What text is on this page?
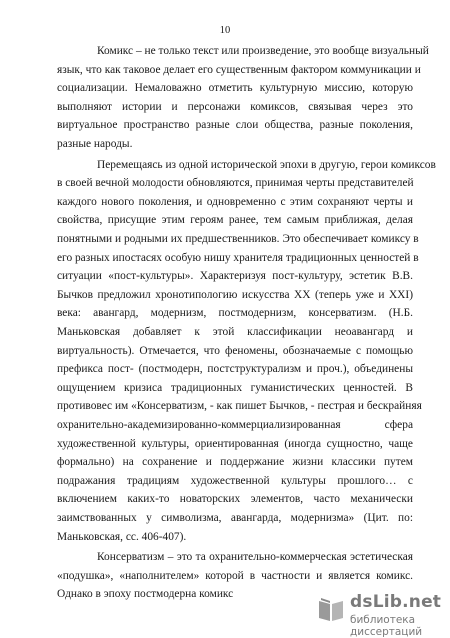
10
Комикс – не только текст или произведение, это вообще визуальный
язык, что как таковое делает его существенным фактором коммуникации и
социализации. Немаловажно отметить культурную миссию, которую
выполняют истории и персонажи комиксов, связывая через это
виртуальное пространство разные слои общества, разные поколения,
разные народы.
Перемещаясь из одной исторической эпохи в другую, герои комиксов
в своей вечной молодости обновляются, принимая черты представителей
каждого нового поколения, и одновременно с этим сохраняют черты и
свойства, присущие этим героям ранее, тем самым приближая, делая
понятными и родными их предшественников. Это обеспечивает комиксу в
его разных ипостасях особую нишу хранителя традиционных ценностей в
ситуации «пост-культуры». Характеризуя пост-культуру, эстетик В.В.
Бычков предложил хронотипологию искусства ХХ (теперь уже и XXI)
века: авангард, модернизм, постмодернизм, консерватизм. (Н.Б.
Маньковская добавляет к этой классификации неоавангард и
виртуальность). Отмечается, что феномены, обозначаемые с помощью
префикса пост- (постмодерн, постструктурализм и проч.), объединены
ощущением кризиса традиционных гуманистических ценностей. В
противовес им «Консерватизм, - как пишет Бычков, - пестрая и бескрайняя
охранительно-академизированно-коммерциализированная сфера
художественной культуры, ориентированная (иногда сущностно, чаще
формально) на сохранение и поддержание жизни классики путем
подражания традициям художественной культуры прошлого… с
включением каких-то новаторских элементов, часто механически
заимствованных у символизма, авангарда, модернизма» (Цит. по:
Маньковская, сс. 406-407).
Консерватизм – это та охранительно-коммерческая эстетическая
«подушка», «наполнителем» которой в частности и является комикс.
Однако в эпоху постмодерна комикс	dsLib.net
библиотека диссертаций
